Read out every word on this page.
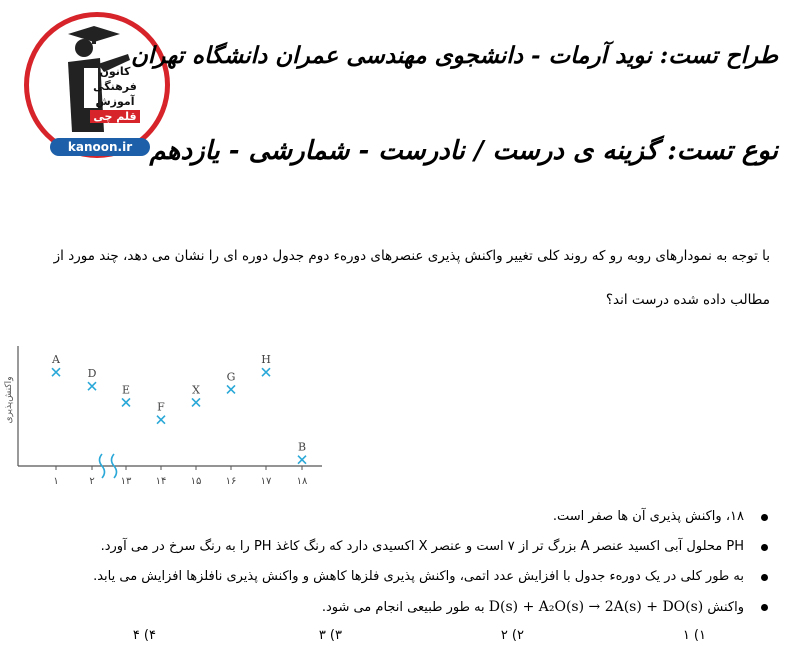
کانون
فرهنگی
آموزش
قلم چی
kanoon.ir
طراح تست: نوید آرمات - دانشجوی مهندسی عمران دانشگاه تهران
نوع تست: گزینه ی درست / نادرست - شمارشی - یازدهم
با توجه به نمودارهای روبه رو که روند کلی تغییر واکنش پذیری عنصرهای دوره‌ء دوم جدول دوره ای را نشان می دهد، چند مورد از
مطالب داده شده درست اند؟
واکنش‌پذیری
۱	۲	۱۳ ۱۴ ۱۵ ۱۶ ۱۷	۱۸
A
D
E
F
X
G
H
B
۱۸، واکنش پذیری آن ها صفر است.
PH محلول آبی اکسید عنصر A بزرگ تر از ۷ است و عنصر X اکسیدی دارد که رنگ کاغذ PH را به رنگ سرخ در می آورد.
به طور کلی در یک دوره‌ء جدول با افزایش عدد اتمی، واکنش پذیری فلزها کاهش و واکنش پذیری نافلزها افزایش می یابد.
واکنش D(s) + A₂O(s) → 2A(s) + DO(s) به طور طبیعی انجام می شود.
۱) ۱
۲) ۲
۳) ۳
۴) ۴
